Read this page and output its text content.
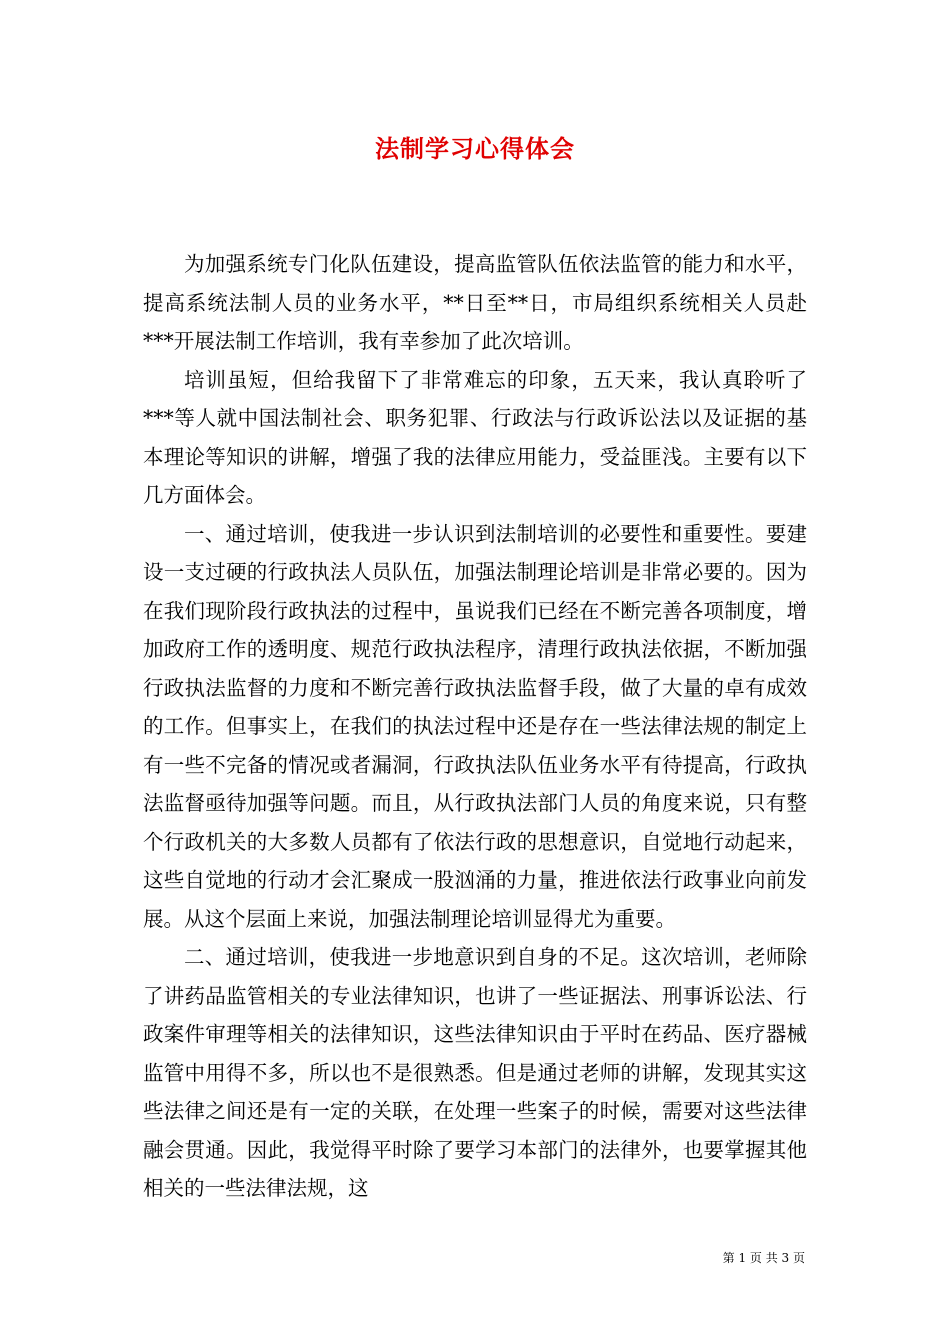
法制学习心得体会

为加强系统专门化队伍建设，提高监管队伍依法监管的能力和水平，提高系统法制人员的业务水平，**日至**日，市局组织系统相关人员赴***开展法制工作培训，我有幸参加了此次培训。

培训虽短，但给我留下了非常难忘的印象，五天来，我认真聆听了***等人就中国法制社会、职务犯罪、行政法与行政诉讼法以及证据的基本理论等知识的讲解，增强了我的法律应用能力，受益匪浅。主要有以下几方面体会。

一、通过培训，使我进一步认识到法制培训的必要性和重要性。要建设一支过硬的行政执法人员队伍，加强法制理论培训是非常必要的。因为在我们现阶段行政执法的过程中，虽说我们已经在不断完善各项制度，增加政府工作的透明度、规范行政执法程序，清理行政执法依据，不断加强行政执法监督的力度和不断完善行政执法监督手段，做了大量的卓有成效的工作。但事实上，在我们的执法过程中还是存在一些法律法规的制定上有一些不完备的情况或者漏洞，行政执法队伍业务水平有待提高，行政执法监督亟待加强等问题。而且，从行政执法部门人员的角度来说，只有整个行政机关的大多数人员都有了依法行政的思想意识，自觉地行动起来，这些自觉地的行动才会汇聚成一股汹涌的力量，推进依法行政事业向前发展。从这个层面上来说，加强法制理论培训显得尤为重要。

二、通过培训，使我进一步地意识到自身的不足。这次培训，老师除了讲药品监管相关的专业法律知识，也讲了一些证据法、刑事诉讼法、行政案件审理等相关的法律知识，这些法律知识由于平时在药品、医疗器械监管中用得不多，所以也不是很熟悉。但是通过老师的讲解，发现其实这些法律之间还是有一定的关联，在处理一些案子的时候，需要对这些法律融会贯通。因此，我觉得平时除了要学习本部门的法律外，也要掌握其他相关的一些法律法规，这

第 1 页 共 3 页
